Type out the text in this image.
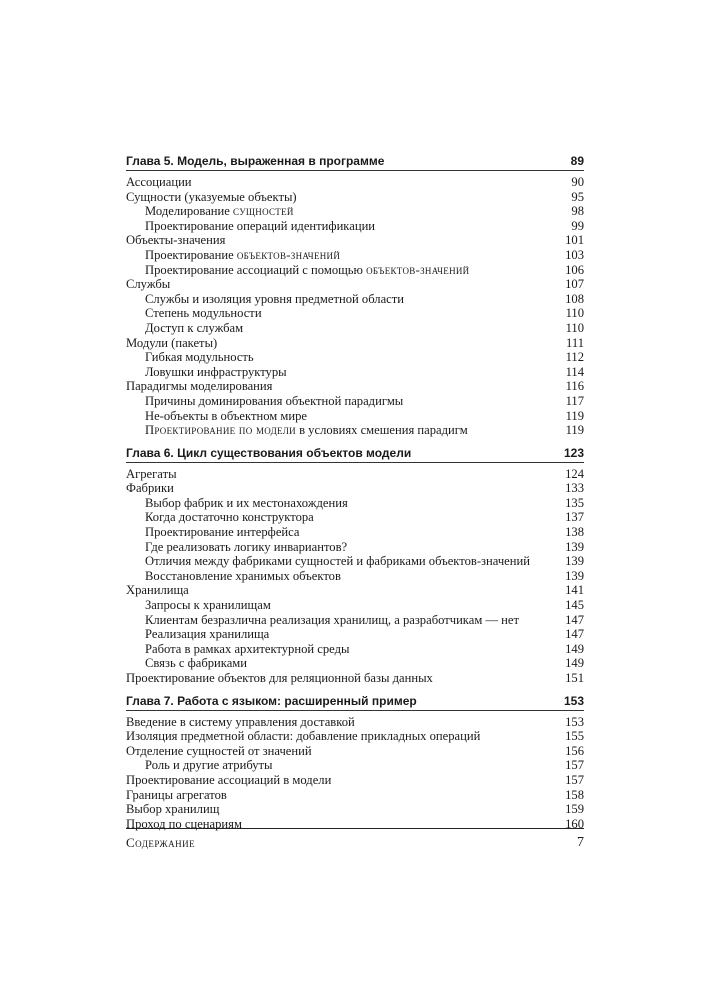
Глава 5. Модель, выраженная в программе	89
Ассоциации	90
Сущности (указуемые объекты)	95
Моделирование сущностей	98
Проектирование операций идентификации	99
Объекты-значения	101
Проектирование объектов-значений	103
Проектирование ассоциаций с помощью объектов-значений	106
Службы	107
Службы и изоляция уровня предметной области	108
Степень модульности	110
Доступ к службам	110
Модули (пакеты)	111
Гибкая модульность	112
Ловушки инфраструктуры	114
Парадигмы моделирования	116
Причины доминирования объектной парадигмы	117
Не-объекты в объектном мире	119
Проектирование по модели в условиях смешения парадигм	119
Глава 6. Цикл существования объектов модели	123
Агрегаты	124
Фабрики	133
Выбор фабрик и их местонахождения	135
Когда достаточно конструктора	137
Проектирование интерфейса	138
Где реализовать логику инвариантов?	139
Отличия между фабриками сущностей и фабриками объектов-значений	139
Восстановление хранимых объектов	139
Хранилища	141
Запросы к хранилищам	145
Клиентам безразлична реализация хранилищ, а разработчикам — нет	147
Реализация хранилища	147
Работа в рамках архитектурной среды	149
Связь с фабриками	149
Проектирование объектов для реляционной базы данных	151
Глава 7. Работа с языком: расширенный пример	153
Введение в систему управления доставкой	153
Изоляция предметной области: добавление прикладных операций	155
Отделение сущностей от значений	156
Роль и другие атрибуты	157
Проектирование ассоциаций в модели	157
Границы агрегатов	158
Выбор хранилищ	159
Проход по сценариям	160
Содержание	7
